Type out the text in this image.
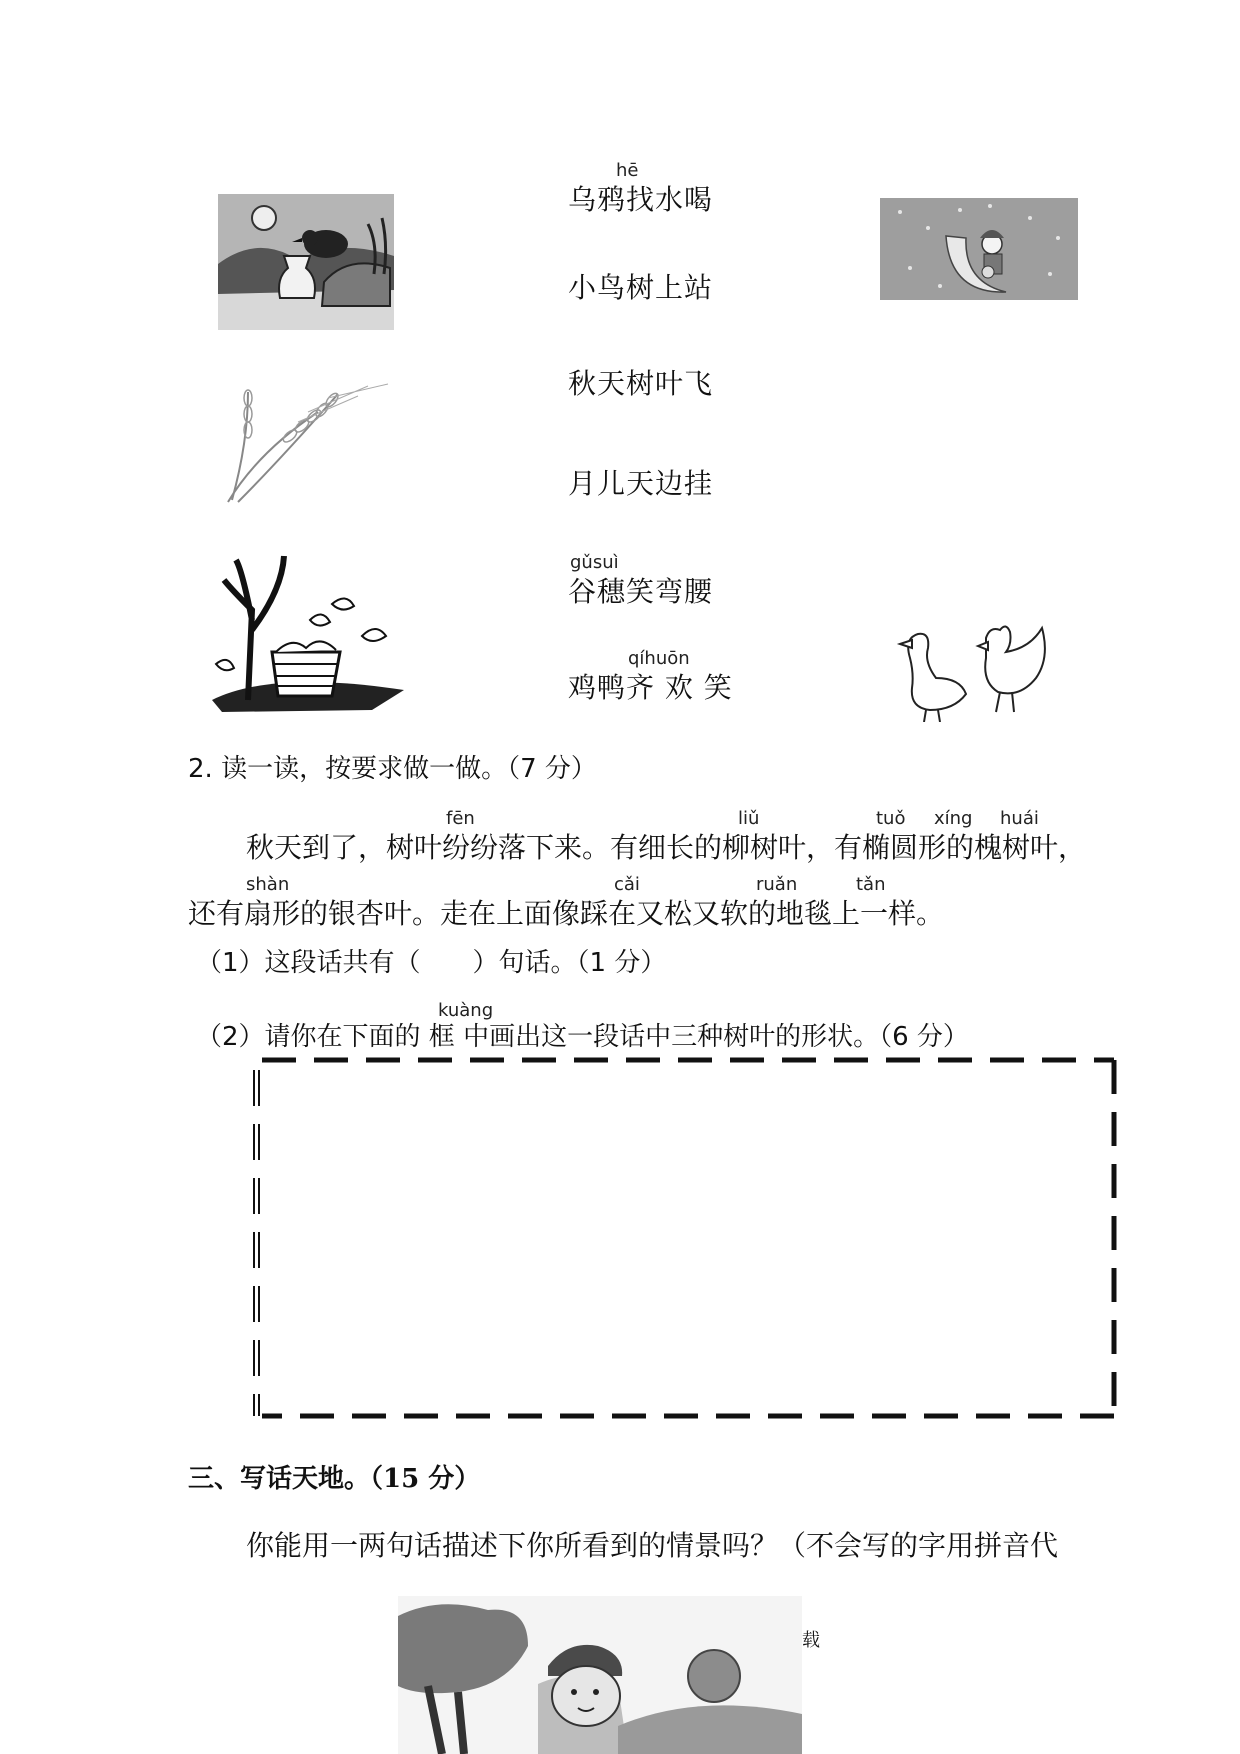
hē
乌鸦找水喝
小鸟树上站
秋天树叶飞
月儿天边挂
gǔsuì
谷穗笑弯腰
qíhuōn
鸡鸭齐 欢 笑
2. 读一读，按要求做一做。（7 分）
fēn	liǔ	tuǒ xíng huái
秋天到了，树叶纷纷落下来。有细长的柳树叶，有椭圆形的槐树叶，
shàn	cǎi	ruǎn	tǎn
还有扇形的银杏叶。走在上面像踩在又松又软的地毯上一样。
（1）这段话共有（　　）句话。（1 分）
kuàng
（2）请你在下面的 框 中画出这一段话中三种树叶的形状。（6 分）
三、写话天地。（15 分）
你能用一两句话描述下你所看到的情景吗？（不会写的字用拼音代
载
